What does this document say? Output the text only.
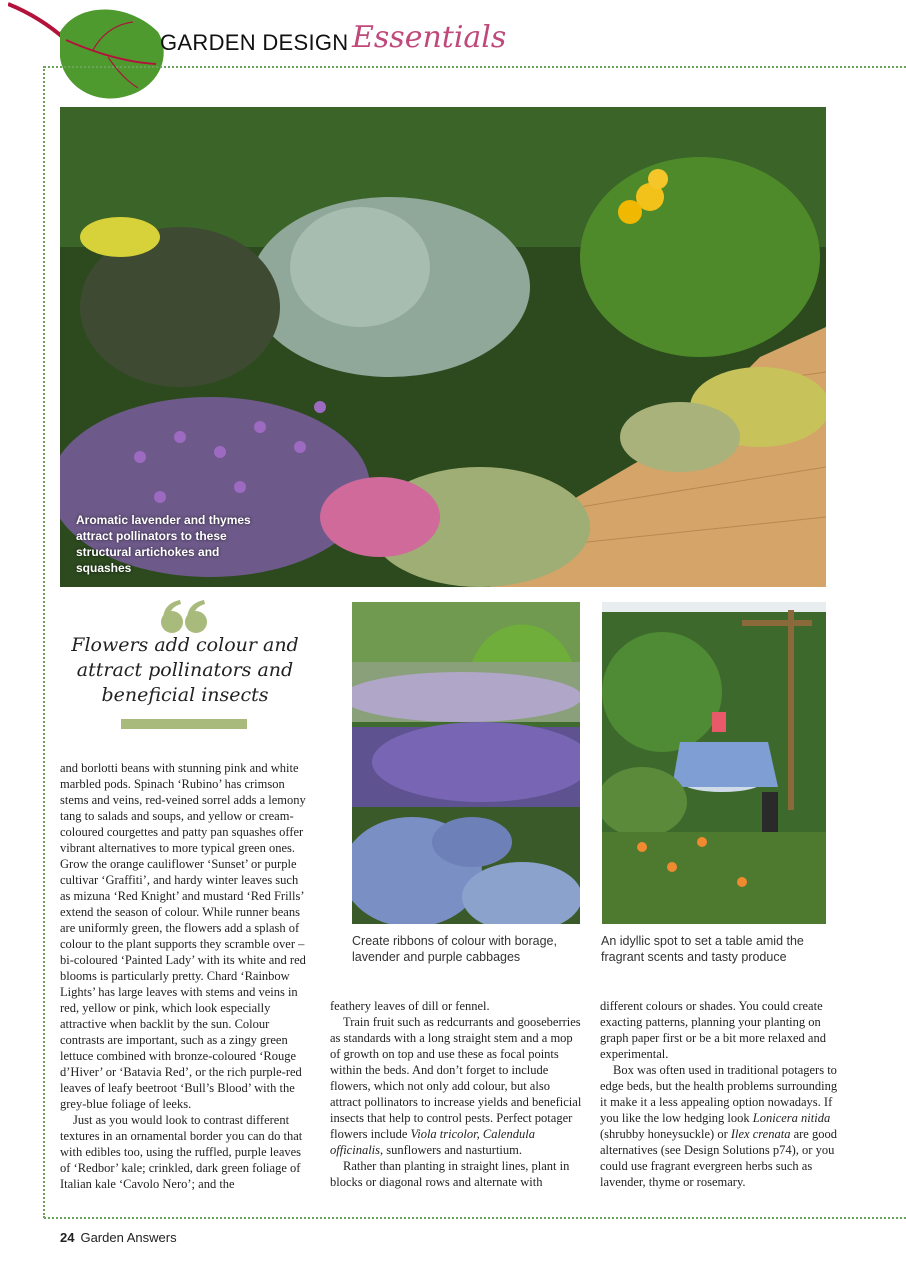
GARDEN DESIGN Essentials
Aromatic lavender and thymes attract pollinators to these structural artichokes and squashes
Flowers add colour and attract pollinators and beneficial insects
Create ribbons of colour with borage, lavender and purple cabbages
An idyllic spot to set a table amid the fragrant scents and tasty produce

and borlotti beans with stunning pink and white marbled pods. Spinach ‘Rubino’ has crimson stems and veins, red-veined sorrel adds a lemony tang to salads and soups, and yellow or cream-coloured courgettes and patty pan squashes offer vibrant alternatives to more typical green ones. Grow the orange cauliflower ‘Sunset’ or purple cultivar ‘Graffiti’, and hardy winter leaves such as mizuna ‘Red Knight’ and mustard ‘Red Frills’ extend the season of colour. While runner beans are uniformly green, the flowers add a splash of colour to the plant supports they scramble over – bi-coloured ‘Painted Lady’ with its white and red blooms is particularly pretty. Chard ‘Rainbow Lights’ has large leaves with stems and veins in red, yellow or pink, which look especially attractive when backlit by the sun. Colour contrasts are important, such as a zingy green lettuce combined with bronze-coloured ‘Rouge d’Hiver’ or ‘Batavia Red’, or the rich purple-red leaves of leafy beetroot ‘Bull’s Blood’ with the grey-blue foliage of leeks.

Just as you would look to contrast different textures in an ornamental border you can do that with edibles too, using the ruffled, purple leaves of ‘Redbor’ kale; crinkled, dark green foliage of Italian kale ‘Cavolo Nero’; and the

feathery leaves of dill or fennel.

Train fruit such as redcurrants and gooseberries as standards with a long straight stem and a mop of growth on top and use these as focal points within the beds. And don’t forget to include flowers, which not only add colour, but also attract pollinators to increase yields and beneficial insects that help to control pests. Perfect potager flowers include Viola tricolor, Calendula officinalis, sunflowers and nasturtium.

Rather than planting in straight lines, plant in blocks or diagonal rows and alternate with

different colours or shades. You could create exacting patterns, planning your planting on graph paper first or be a bit more relaxed and experimental.

Box was often used in traditional potagers to edge beds, but the health problems surrounding it make it a less appealing option nowadays. If you like the low hedging look Lonicera nitida (shrubby honeysuckle) or Ilex crenata are good alternatives (see Design Solutions p74), or you could use fragrant evergreen herbs such as lavender, thyme or rosemary.

24 Garden Answers
